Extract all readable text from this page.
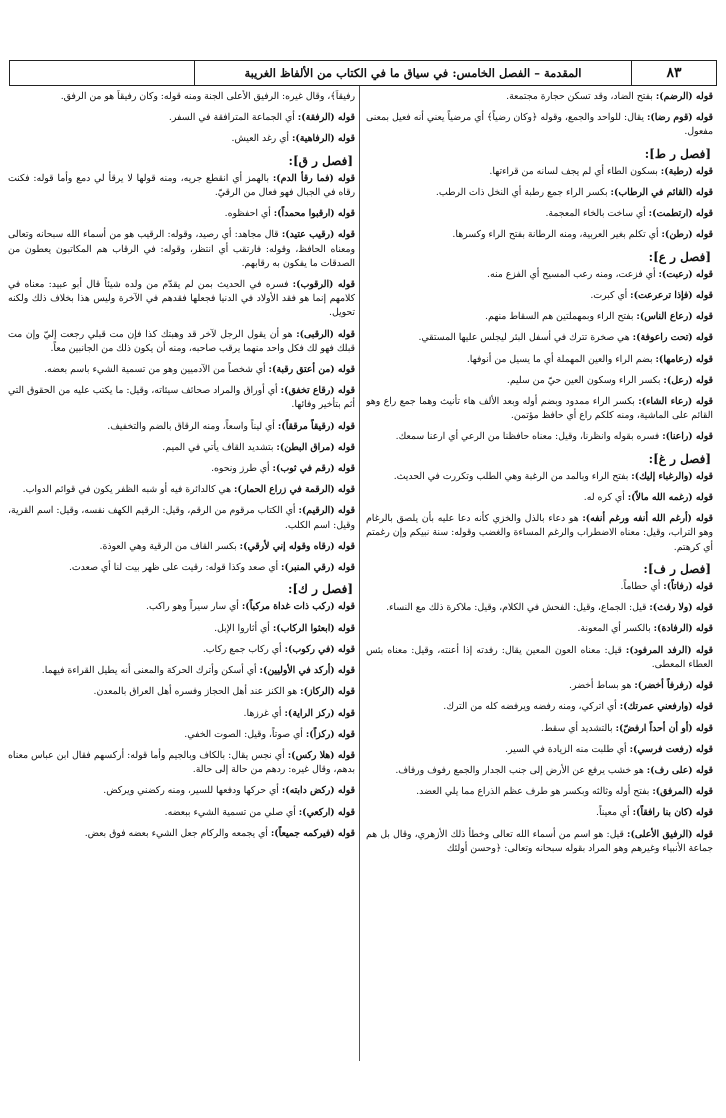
المقدمة – الفصل الخامس: في سياق ما في الكتاب من الألفاظ الغريبة	٨٣
قوله (الرضم): بفتح الضاد، وقد تسكن حجارة مجتمعة.
قوله (قوم رضا): يقال: للواحد والجمع، وقوله ﴿وكان رضياً﴾ أي مرضياً يعني أنه فعيل بمعنى مفعول.
[فصل ر ط]:
قوله (رطبة): بسكون الطاء أي لم يجف لسانه من قراءتها.
قوله (القائم في الرطاب): بكسر الراء جمع رطبة أي النخل ذات الرطب.
قوله (ارتطمت): أي ساخت بالخاء المعجمة.
قوله (رطن): أي تكلم بغير العربية، ومنه الرطانة بفتح الراء وكسرها.
[فصل ر ع]:
قوله (رعبت): أي فزعت، ومنه رعب المسيح أي الفزع منه.
قوله (فإذا ترعرعت): أي كبرت.
قوله (رعاع الناس): بفتح الراء وبمهملتين هم السقاط منهم.
قوله (تحت راعوفة): هي صخرة تترك في أسفل البئر ليجلس عليها المستقي.
قوله (رعامها): بضم الراء والعين المهملة أي ما يسيل من أنوفها.
قوله (رعل): بكسر الراء وسكون العين حيّ من سليم.
قوله (رعاء الشاء): بكسر الراء ممدود وبضم أوله وبعد الألف هاء تأنيث وهما جمع راع وهو القائم على الماشية، ومنه كلكم راع أي حافظ مؤتمن.
قوله (راعنا): فسره بقوله وانظرنا، وقيل: معناه حافظنا من الرعي أي ارعنا سمعك.
[فصل ر غ]:
قوله (والرغباء إليك): بفتح الراء وبالمد من الرغبة وهي الطلب وتكررت في الحديث.
قوله (رغمه الله مالاً): أي كره له.
قوله (أرغم الله أنفه ورغم أنفه): هو دعاء بالذل والخزي كأنه دعا عليه بأن يلصق بالرغام وهو التراب، وقيل: معناه الاضطراب والرغم المساءة والغضب وقوله: سنة نبيكم وإن رغمتم أي كرهتم.
[فصل ر ف]:
قوله (رفاتاً): أي حطاماً.
قوله (ولا رفث): قيل: الجماع، وقيل: الفحش في الكلام، وقيل: ملاكرة ذلك مع النساء.
قوله (الرفادة): بالكسر أي المعونة.
قوله (الرفد المرفود): قيل: معناه العون المعين يقال: رفدته إذا أعنته، وقيل: معناه بئس العطاء المعطى.
قوله (رفرفاً أخضر): هو بساط أخضر.
قوله (وارفعني عمرتك): أي اتركي، ومنه رفضه ويرفضه كله من الترك.
قوله (أو أن أحداً ارفضّ): بالتشديد أي سقط.
قوله (رفعت فرسي): أي طلبت منه الزيادة في السير.
قوله (على رف): هو خشب يرفع عن الأرض إلى جنب الجدار والجمع رفوف ورفاف.
قوله (المرفق): بفتح أوله وثالثه وبكسر هو طرف عظم الذراع مما يلي العضد.
قوله (كان بنا رافقاً): أي معيناً.
قوله (الرفيق الأعلى): قيل: هو اسم من أسماء الله تعالى وخطأ ذلك الأزهري، وقال بل هم جماعة الأنبياء وغيرهم وهو المراد بقوله سبحانه وتعالى: ﴿وحسن أولئك
رفيقاً﴾، وقال غيره: الرفيق الأعلى الجنة ومنه قوله: وكان رفيقاً هو من الرفق.
قوله (الرفقة): أي الجماعة المترافقة في السفر.
قوله (الرفاهية): أي رغد العيش.
[فصل ر ق]:
قوله (فما رقأ الدم): بالهمز أي انقطع جريه، ومنه قولها لا يرقأ لي دمع وأما قوله: فكنت رقاه في الجبال فهو فعال من الرقيّ.
قوله (ارقبوا محمداً): أي احفظوه.
قوله (رقيب عتيد): قال مجاهد: أي رصيد، وقوله: الرقيب هو من أسماء الله سبحانه وتعالى ومعناه الحافظ، وقوله: فارتقب أي انتظر، وقوله: في الرقاب هم المكاتبون يعطون من الصدقات ما يفكون به رقابهم.
قوله (الرقوب): فسره في الحديث بمن لم يقدّم من ولده شيئاً قال أبو عبيد: معناه في كلامهم إنما هو فقد الأولاد في الدنيا فجعلها فقدهم في الآخرة وليس هذا بخلاف ذلك ولكنه تحويل.
قوله (الرقبى): هو أن يقول الرجل لآخر قد وهبتك كذا فإن مت قبلي رجعت إليّ وإن مت قبلك فهو لك فكل واحد منهما يرقب صاحبه، ومنه أن يكون ذلك من الجانبين معاً.
قوله (من أعتق رقبة): أي شخصاً من الآدميين وهو من تسمية الشيء باسم بعضه.
قوله (رقاع تخفق): أي أوراق والمراد صحائف سيئاته، وقيل: ما يكتب عليه من الحقوق التي أثم بتأخير وفائها.
قوله (رقيقاً مرققاً): أي ليناً واسعاً، ومنه الرقاق بالضم والتخفيف.
قوله (مراق البطن): بتشديد القاف يأتي في الميم.
قوله (رقم في ثوب): أي طرز ونحوه.
قوله (الرقمة في زراع الحمار): هي كالدائرة فيه أو شبه الظفر يكون في قوائم الدواب.
قوله (الرقيم): أي الكتاب مرقوم من الرقم، وقيل: الرقيم الكهف نفسه، وقيل: اسم القرية، وقيل: اسم الكلب.
قوله (رقاه وقوله إني لأرقي): بكسر القاف من الرقية وهي العوذة.
قوله (رقي المنبر): أي صعد وكذا قوله: رقيت على ظهر بيت لنا أي صعدت.
[فصل ر ك]:
قوله (ركب ذات غداة مركباً): أي سار سيراً وهو راكب.
قوله (ابعثوا الركاب): أي أثاروا الإبل.
قوله (في ركوب): أي ركاب جمع ركاب.
قوله (أركد في الأوليين): أي أسكن وأترك الحركة والمعنى أنه يطيل القراءة فيهما.
قوله (الركاز): هو الكنز عند أهل الحجاز وفسره أهل العراق بالمعدن.
قوله (ركز الراية): أي غرزها.
قوله (ركزاً): أي صوتاً، وقيل: الصوت الخفي.
قوله (هلا ركس): أي نجس يقال: بالكاف وبالجيم وأما قوله: أركسهم فقال ابن عباس معناه بدهم، وقال غيره: ردهم من حالة إلى حالة.
قوله (ركض دابته): أي حركها ودفعها للسير، ومنه ركضني ويركض.
قوله (اركعي): أي صلي من تسمية الشيء ببعضه.
قوله (فيركمه جميعاً): أي يجمعه والركام جعل الشيء بعضه فوق بعض.
